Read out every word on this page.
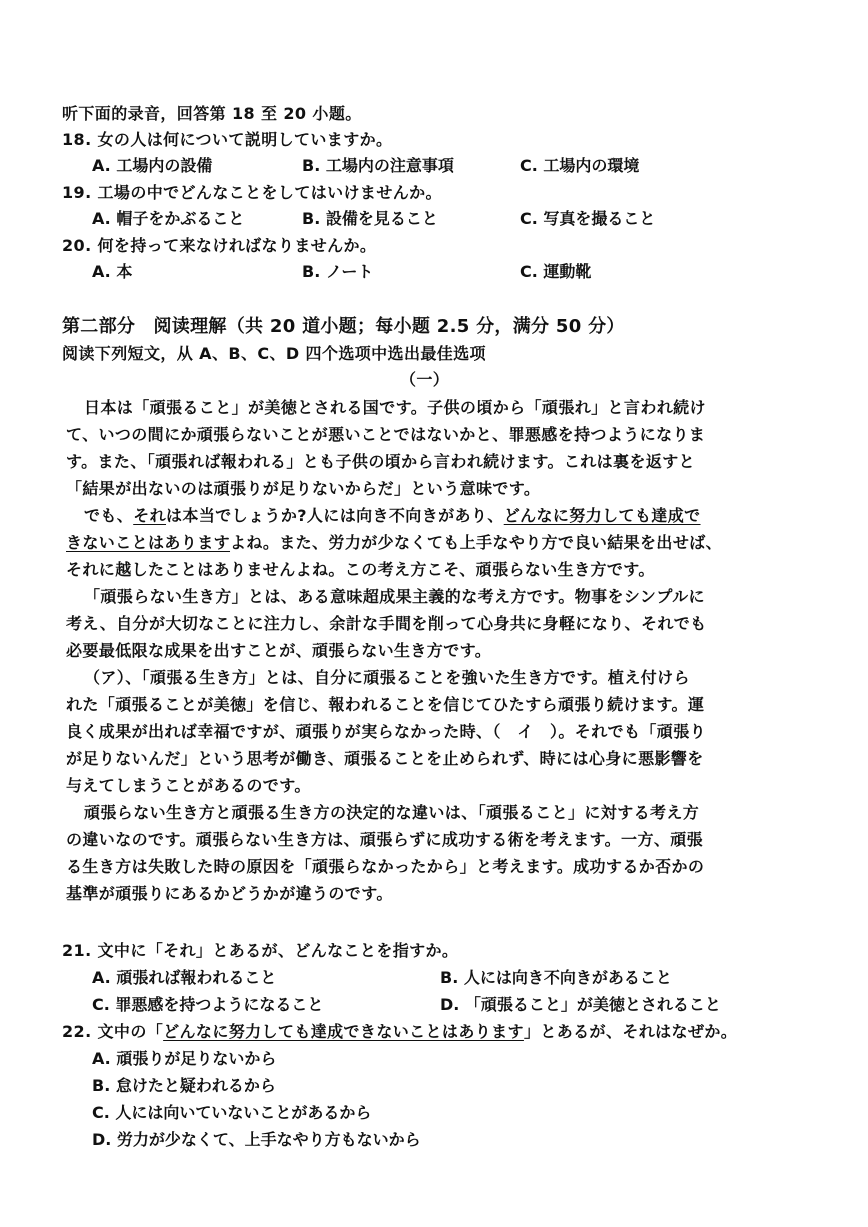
听下面的录音，回答第 18 至 20 小题。
18. 女の人は何について説明していますか。
A. 工場内の設備	B. 工場内の注意事項	C. 工場内の環境
19. 工場の中でどんなことをしてはいけませんか。
A. 帽子をかぶること	B. 設備を見ること	C. 写真を撮ること
20. 何を持って来なければなりませんか。
A. 本	B. ノート	C. 運動靴
第二部分　阅读理解（共 20 道小题；每小题 2.5 分，满分 50 分）
阅读下列短文，从 A、B、C、D 四个选项中选出最佳选项
（一）
日本は「頑張ること」が美徳とされる国です。子供の頃から「頑張れ」と言われ続け
て、いつの間にか頑張らないことが悪いことではないかと、罪悪感を持つようになりま
す。また、「頑張れば報われる」とも子供の頃から言われ続けます。これは裏を返すと
「結果が出ないのは頑張りが足りないからだ」という意味です。
でも、それは本当でしょうか?人には向き不向きがあり、どんなに努力しても達成で
きないことはありますよね。また、労力が少なくても上手なやり方で良い結果を出せば、
それに越したことはありませんよね。この考え方こそ、頑張らない生き方です。
「頑張らない生き方」とは、ある意味超成果主義的な考え方です。物事をシンプルに
考え、自分が大切なことに注力し、余計な手間を削って心身共に身軽になり、それでも
必要最低限な成果を出すことが、頑張らない生き方です。
（ア）、「頑張る生き方」とは、自分に頑張ることを強いた生き方です。植え付けら
れた「頑張ることが美徳」を信じ、報われることを信じてひたすら頑張り続けます。運
良く成果が出れば幸福ですが、頑張りが実らなかった時、（　イ　）。それでも「頑張り
が足りないんだ」という思考が働き、頑張ることを止められず、時には心身に悪影響を
与えてしまうことがあるのです。
頑張らない生き方と頑張る生き方の決定的な違いは、「頑張ること」に対する考え方
の違いなのです。頑張らない生き方は、頑張らずに成功する術を考えます。一方、頑張
る生き方は失敗した時の原因を「頑張らなかったから」と考えます。成功するか否かの
基準が頑張りにあるかどうかが違うのです。
21. 文中に「それ」とあるが、どんなことを指すか。
A. 頑張れば報われること	B. 人には向き不向きがあること
C. 罪悪感を持つようになること	D. 「頑張ること」が美徳とされること
22. 文中の「どんなに努力しても達成できないことはあります」とあるが、それはなぜか。
A. 頑張りが足りないから
B. 怠けたと疑われるから
C. 人には向いていないことがあるから
D. 労力が少なくて、上手なやり方もないから
